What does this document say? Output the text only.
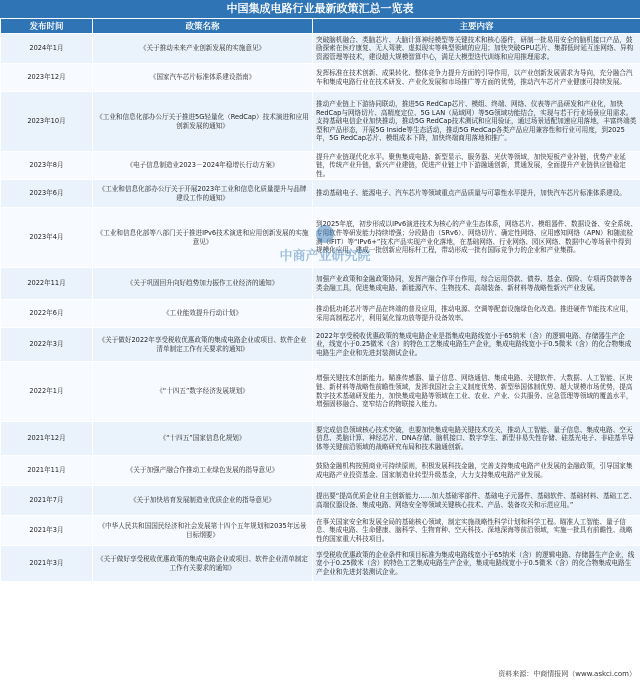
中国集成电路行业最新政策汇总一览表
发布时间	政策名称	主要内容
2024年1月	《关于推动未来产业创新发展的实施意见》	突破脑机融合、类脑芯片、大脑计算神经模型等关键技术和核心器件，研制一批易用安全的脑机接口产品，鼓励探索在医疗康复、无人驾驶、虚拟现实等典型领域的应用；加快突破GPU芯片、集群低时延互连网络、异构资源管理等技术，建设超大规模智算中心，满足大模型迭代训练和应用推理需求。
2023年12月	《国家汽车芯片标准体系建设指南》	发挥标准在技术创新、成果转化、整体竞争力提升方面的引导作用，以产业创新发展需求为导向，充分融合汽车和集成电路行业在技术研发、产业化发展和市场推广等方面的优势，推动汽车芯片产业健康可持续发展。
2023年10月	《工业和信息化部办公厅关于推进5G轻量化（RedCap）技术演进和应用创新发展的通知》	推动产业链上下游协同联动，推进5G RedCap芯片、模组、终端、网络、仪表等产品研发和产业化，加快RedCap与网络切片、高精度定位、5G LAN（局域网）等5G领域功能结合，实现与若干行业场景应用需求。支持基础电信企业加快推动，推动5G RedCap技术测试和应用验证，通过场景适配加速应用落地，丰富终端类型和产品形态，开展5G Inside等生态活动，推动5G RedCap各类产品应用兼容性和行业可用度，到2025年，5G RedCap芯片、模组成本下降，加快终端商用落地和推广。
2023年8月	《电子信息制造业2023－2024年稳增长行动方案》	提升产业链现代化水平。聚焦集成电路、新型显示、服务器、光伏等领域，加快短板产业补链，优势产业延链，传统产业升链，新兴产业建链，促进产业链上中下游融通创新，贯通发展，全面提升产业链供应链稳定性。
2023年6月	《工业和信息化部办公厅关于开展2023年工业和信息化质量提升与品牌建设工作的通知》	推动基础电子、能源电子、汽车芯片等领域重点产品质量与可靠性水平提升，加快汽车芯片标准体系建设。
2023年4月	《工业和信息化部等八部门关于推进IPv6技术演进和应用创新发展的实施意见》	到2025年底，初步形成以IPv6演进技术为核心的产业生态体系，网络芯片、模组器件、数据设备、安全系统、专用软件等研发能力持续增强；分段路由（SRv6）、网络切片、确定性网络、应用感知网络（APN）和随流检测（iFIT）等“IPv6+”技术产品实现产业化落地，在基础网络、行业网络、园区网络、数据中心等场景中得到规模化应用，建成一批创新应用标杆工程，带动形成一批有国际竞争力的企业和产业集群。
2022年11月	《关于巩固回升向好趋势加力振作工业经济的通知》	加强产业政策和金融政策协同，发挥产融合作平台作用，综合运用贷款、债券、基金、保险、专项再贷款等各类金融工具，促进集成电路、新能源汽车、生物技术、高端装备、新材料等战略性新兴产业发展。
2022年6月	《工业能效提升行动计划》	推动低功耗芯片等产品在终端的普及应用，推动电源、空调等配套设施绿色化改造。推进硬件节能技术应用，采用高制程芯片，利用氮化镓功放等提升设备效率。
2022年3月	《关于做好2022年享受税收优惠政策的集成电路企业或项目、软件企业清单制定工作有关要求的通知》	2022年享受税收优惠政策的集成电路企业是指集成电路线宽小于65纳米（含）的逻辑电路、存储器生产企业，线宽小于0.25微米（含）的特色工艺集成电路生产企业，集成电路线宽小于0.5微米（含）的化合物集成电路生产企业和先进封装测试企业。
2022年1月	《“十四五”数字经济发展规划》	增强关键技术创新能力。瞄准传感器、量子信息、网络通信、集成电路、关键软件、大数据、人工智能、区块链、新材料等战略性前瞻性领域，发挥我国社会主义制度优势、新型举国体制优势、超大规模市场优势，提高数字技术基础研发能力，加快集成电路等领域在工业、农业、产业、公共服务、应急管理等领域的覆盖水平，增强固移融合、宽窄结合的物联接入能力。
2021年12月	《“十四五”国家信息化规划》	要完成信息领域核心技术突破，也要加快集成电路关键技术攻关，推动人工智能、量子信息、集成电路、空天信息、类脑计算、神经芯片、DNA存储、脑机接口、数字孪生、新型非易失性存储、硅基光电子、非硅基半导体等关键前沿领域的战略研究布局和技术融通创新。
2021年11月	《关于加强产融合作推动工业绿色发展的指导意见》	鼓励金融机构按照商业可持续原则，积极发展科技金融，完善支持集成电路产业发展的金融政策，引导国家集成电路产业投资基金、国家制造业转型升级基金，大力支持集成电路产业发展。
2021年7月	《关于加快培育发展制造业优质企业的指导意见》	提出要“提高优质企业自主创新能力……加大基础零部件、基础电子元器件、基础软件、基础材料、基础工艺、高端仪器设备、集成电路、网络安全等领域关键核心技术、产品、装备攻关和示范应用。”
2021年3月	《中华人民共和国国民经济和社会发展第十四个五年规划和2035年远景目标纲要》	在事关国家安全和发展全局的基础核心领域，制定实施战略性科学计划和科学工程。瞄准人工智能、量子信息、集成电路、生命健康、脑科学、生物育种、空天科技、深地深海等前沿领域，实施一批具有前瞻性、战略性的国家重大科技项目。
2021年3月	《关于做好享受税收优惠政策的集成电路企业或项目、软件企业清单制定工作有关要求的通知》	享受税收优惠政策的企业条件和项目标准为集成电路线宽小于65纳米（含）的逻辑电路、存储器生产企业，线宽小于0.25微米（含）的特色工艺集成电路生产企业，集成电路线宽小于0.5微米（含）的化合物集成电路生产企业和先进封装测试企业。
中商产业研究院
资料来源：中商情报网（www.askci.com）
